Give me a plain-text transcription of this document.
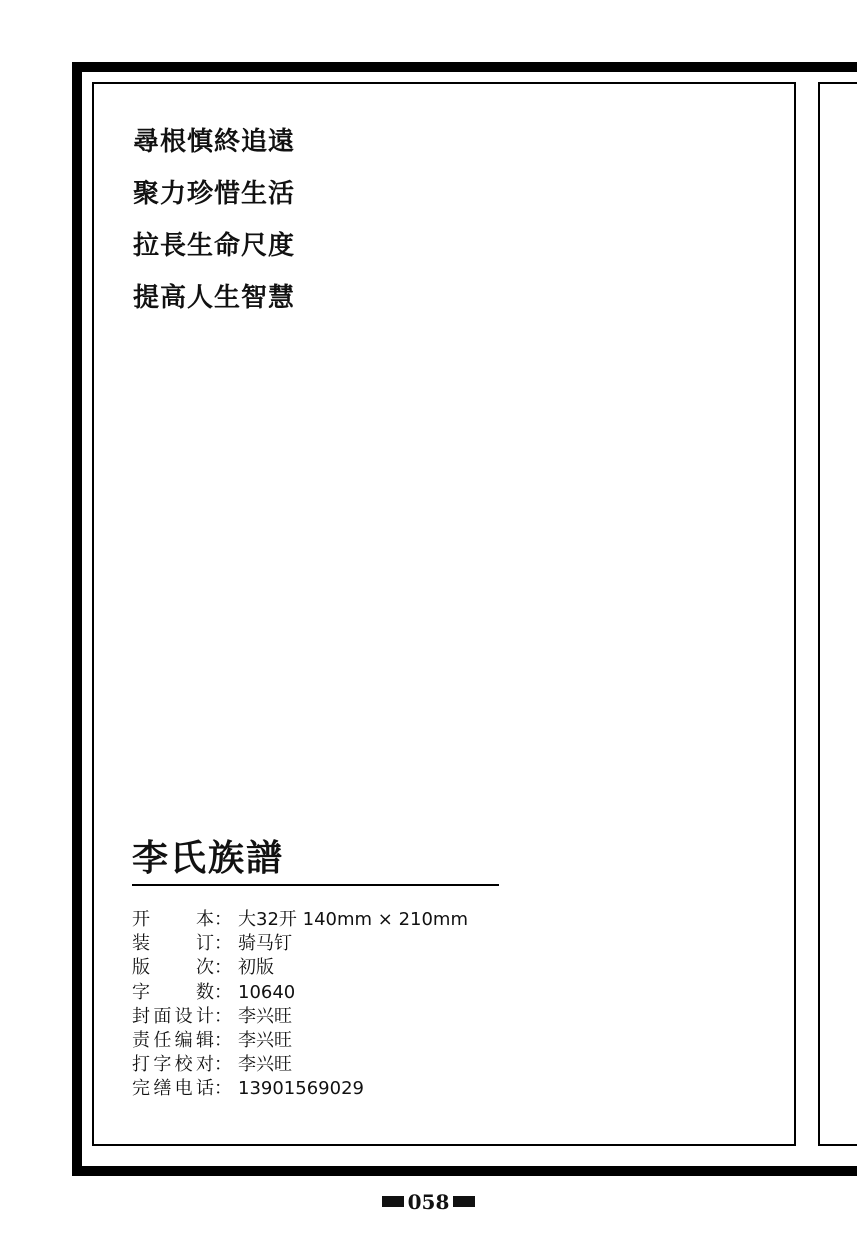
尋根慎終追遠
聚力珍惜生活
拉長生命尺度
提高人生智慧
李氏族譜
开本 ： 大32开 140mm × 210mm
装订 ： 骑马钉
版次 ： 初版
字数 ： 10640
封面设计 ： 李兴旺
责任编辑 ： 李兴旺
打字校对 ： 李兴旺
完缮电话 ： 13901569029
058
